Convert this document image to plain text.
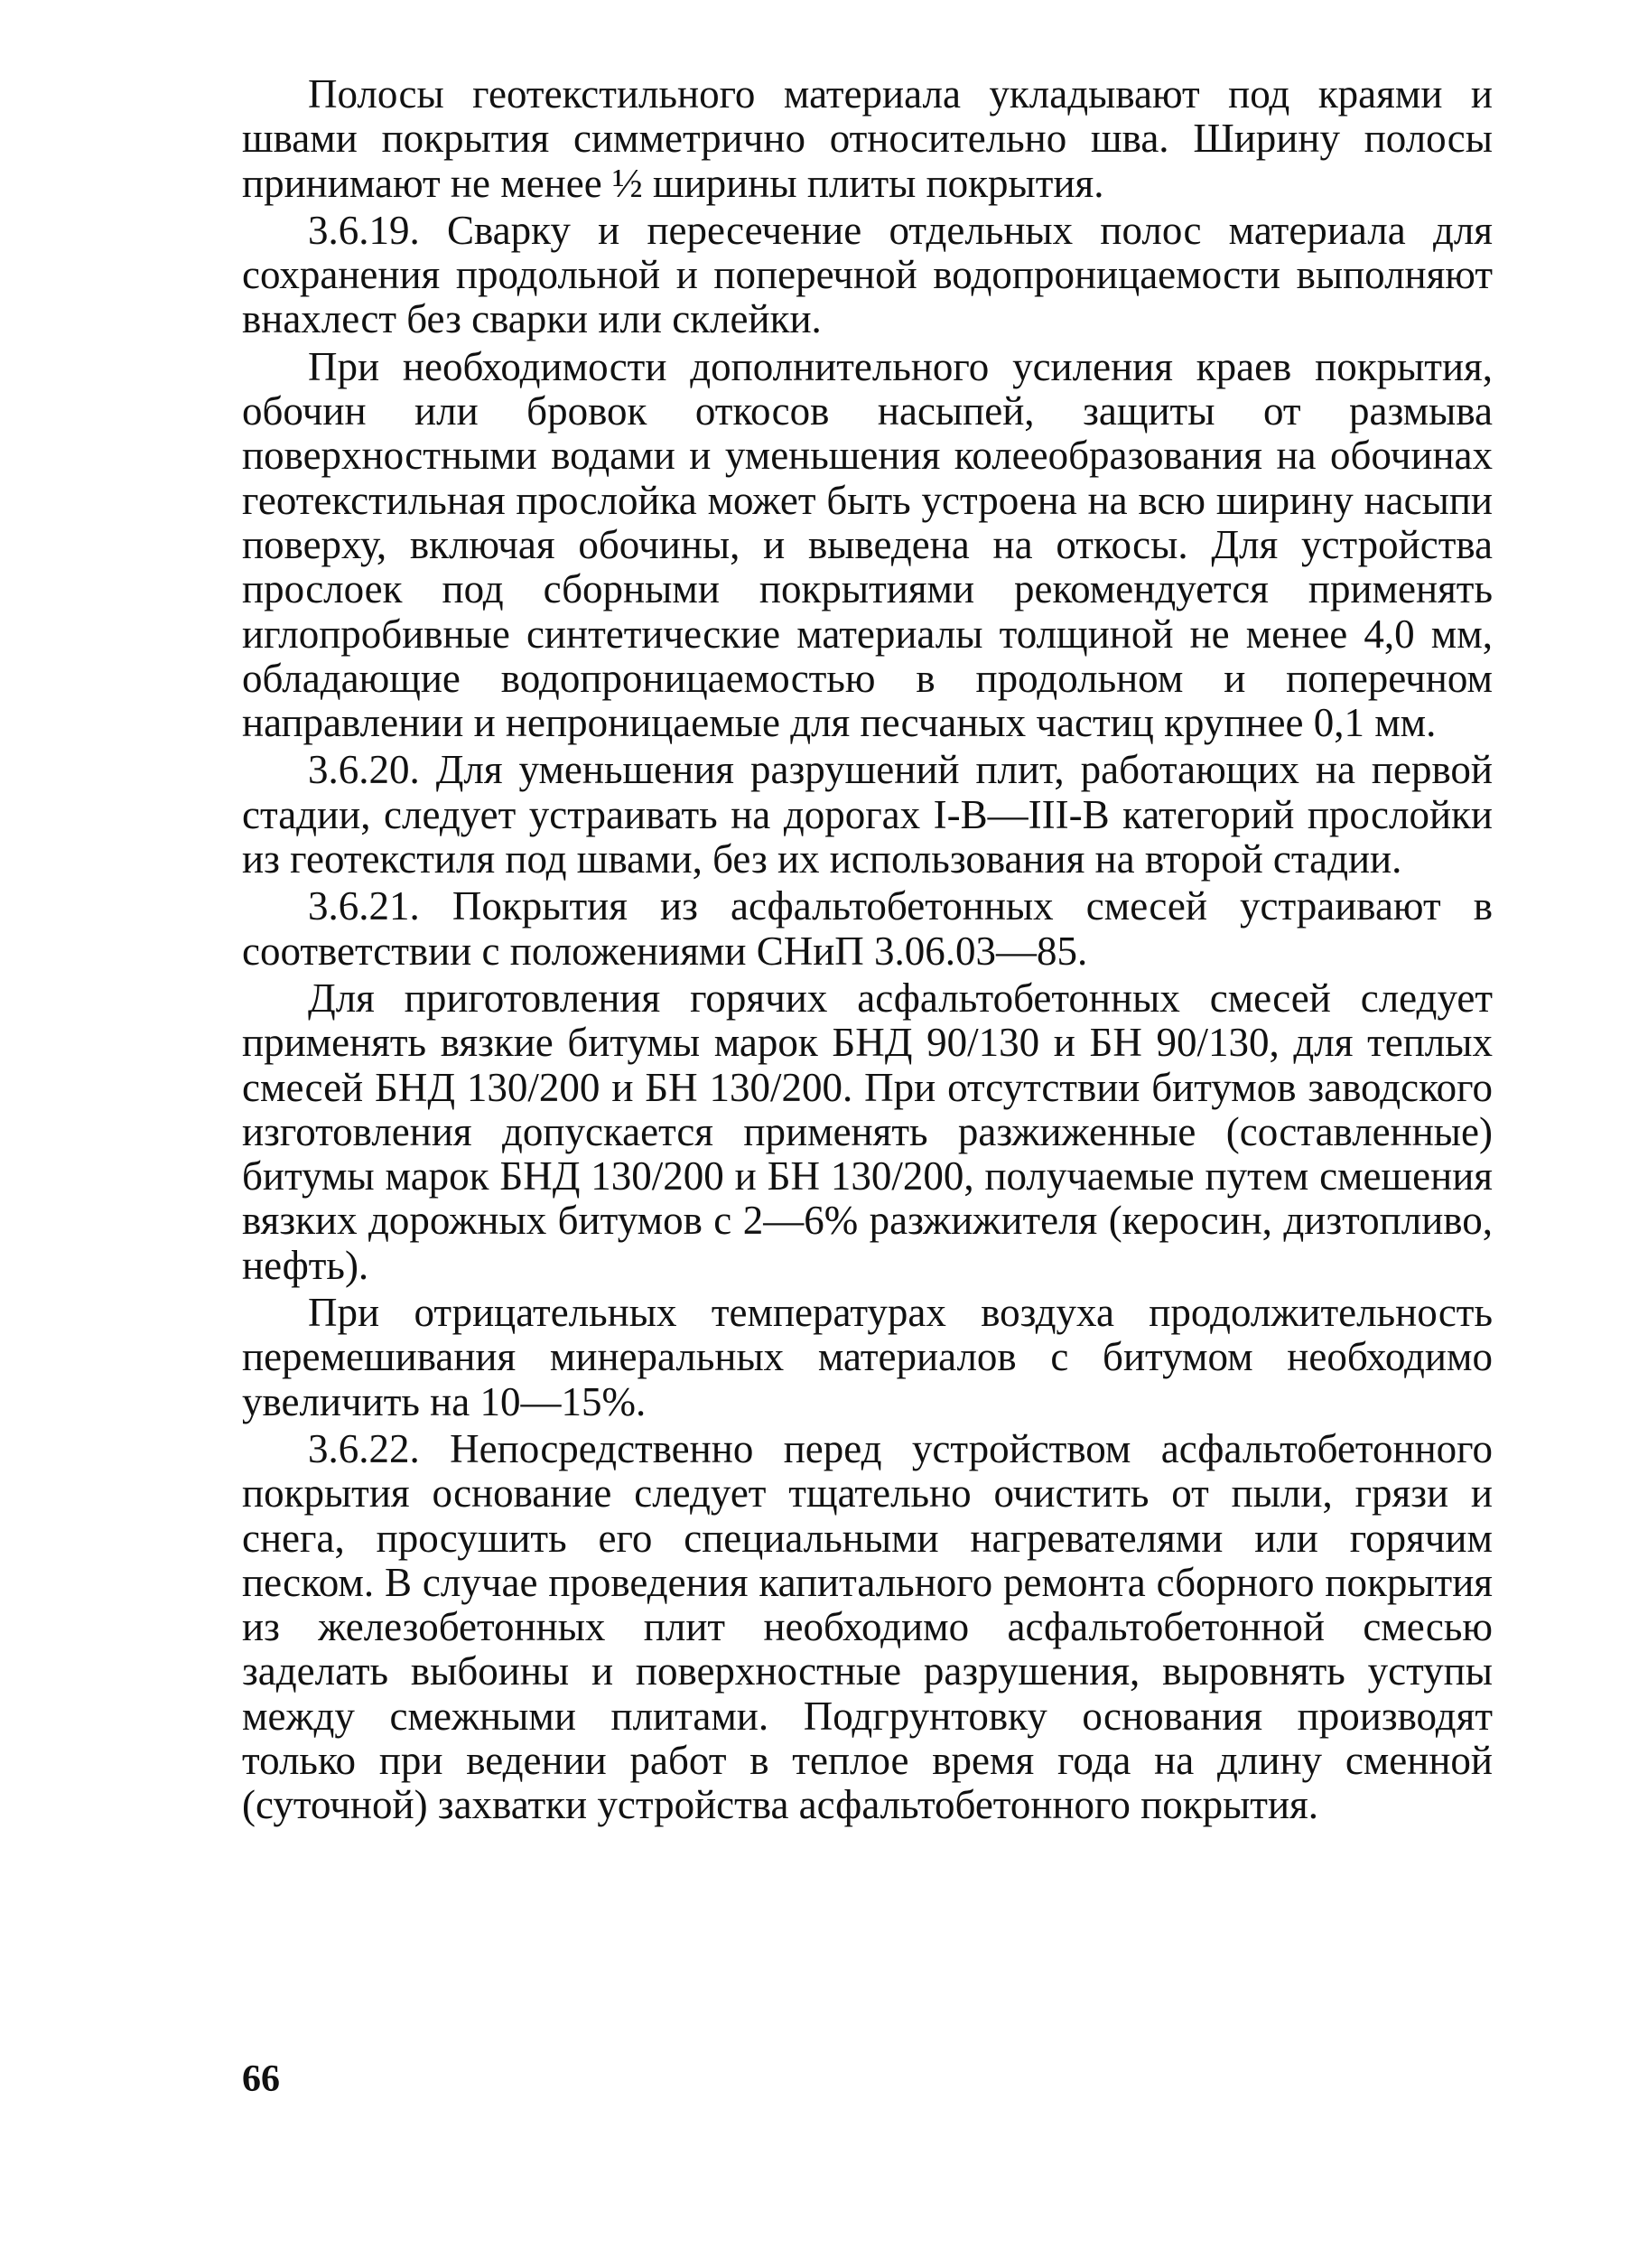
Полосы геотекстильного материала укладывают под краями и швами покрытия симметрично относительно шва. Ширину полосы принимают не менее ½ ширины плиты покрытия.

3.6.19. Сварку и пересечение отдельных полос материала для сохранения продольной и поперечной водопроницаемости выполняют внахлест без сварки или склейки.

При необходимости дополнительного усиления краев покрытия, обочин или бровок откосов насыпей, защиты от размыва поверхностными водами и уменьшения колееобразования на обочинах геотекстильная прослойка может быть устроена на всю ширину насыпи поверху, включая обочины, и выведена на откосы. Для устройства прослоек под сборными покрытиями рекомендуется применять иглопробивные синтетические материалы толщиной не менее 4,0 мм, обладающие водопроницаемостью в продольном и поперечном направлении и непроницаемые для песчаных частиц крупнее 0,1 мм.

3.6.20. Для уменьшения разрушений плит, работающих на первой стадии, следует устраивать на дорогах I-В—III-В категорий прослойки из геотекстиля под швами, без их использования на второй стадии.

3.6.21. Покрытия из асфальтобетонных смесей устраивают в соответствии с положениями СНиП 3.06.03—85.

Для приготовления горячих асфальтобетонных смесей следует применять вязкие битумы марок БНД 90/130 и БН 90/130, для теплых смесей БНД 130/200 и БН 130/200. При отсутствии битумов заводского изготовления допускается применять разжиженные (составленные) битумы марок БНД 130/200 и БН 130/200, получаемые путем смешения вязких дорожных битумов с 2—6% разжижителя (керосин, дизтопливо, нефть).

При отрицательных температурах воздуха продолжительность перемешивания минеральных материалов с битумом необходимо увеличить на 10—15%.

3.6.22. Непосредственно перед устройством асфальтобетонного покрытия основание следует тщательно очистить от пыли, грязи и снега, просушить его специальными нагревателями или горячим песком. В случае проведения капитального ремонта сборного покрытия из железобетонных плит необходимо асфальтобетонной смесью заделать выбоины и поверхностные разрушения, выровнять уступы между смежными плитами. Подгрунтовку основания производят только при ведении работ в теплое время года на длину сменной (суточной) захватки устройства асфальтобетонного покрытия.

66
